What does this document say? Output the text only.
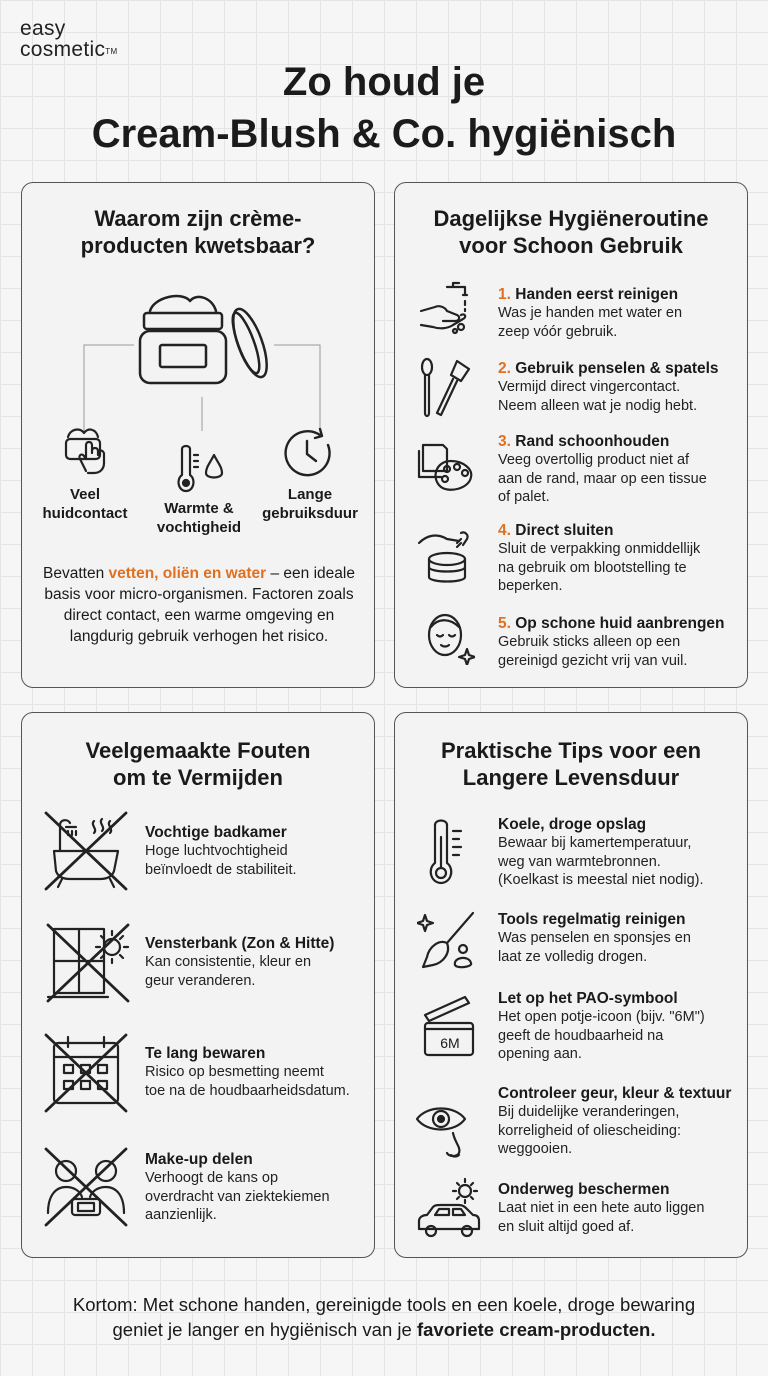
easy
cosmetic™
Zo houd je
Cream-Blush & Co. hygiënisch
Waarom zijn crème-
producten kwetsbaar?
Veel
huidcontact	Warmte &
vochtigheid
Lange
gebruiksduur
Bevatten vetten, oliën en water – een ideale basis voor micro-organismen. Factoren zoals direct contact, een warme omgeving en langdurig gebruik verhogen het risico.
Dagelijkse Hygiëneroutine
voor Schoon Gebruik
1. Handen eerst reinigen
Was je handen met water en
zeep vóór gebruik.
2. Gebruik penselen & spatels
Vermijd direct vingercontact.
Neem alleen wat je nodig hebt.
3. Rand schoonhouden
Veeg overtollig product niet af
aan de rand, maar op een tissue
of palet.
4. Direct sluiten
Sluit de verpakking onmiddellijk
na gebruik om blootstelling te
beperken.
5. Op schone huid aanbrengen
Gebruik sticks alleen op een
gereinigd gezicht vrij van vuil.
Veelgemaakte Fouten
om te Vermijden
Vochtige badkamer
Hoge luchtvochtigheid
beïnvloedt de stabiliteit.
Vensterbank (Zon & Hitte)
Kan consistentie, kleur en
geur veranderen.
Te lang bewaren
Risico op besmetting neemt
toe na de houdbaarheidsdatum.
Make-up delen
Verhoogt de kans op
overdracht van ziektekiemen
aanzienlijk.
Praktische Tips voor een
Langere Levensduur
6M
Koele, droge opslag
Bewaar bij kamertemperatuur,
weg van warmtebronnen.
(Koelkast is meestal niet nodig).
Tools regelmatig reinigen
Was penselen en sponsjes en
laat ze volledig drogen.
Let op het PAO-symbool
Het open potje-icoon (bijv. "6M")
geeft de houdbaarheid na
opening aan.
Controleer geur, kleur & textuur
Bij duidelijke veranderingen,
korreligheid of oliescheiding:
weggooien.
Onderweg beschermen
Laat niet in een hete auto liggen
en sluit altijd goed af.
Kortom: Met schone handen, gereinigde tools en een koele, droge bewaring
geniet je langer en hygiënisch van je favoriete cream-producten.
